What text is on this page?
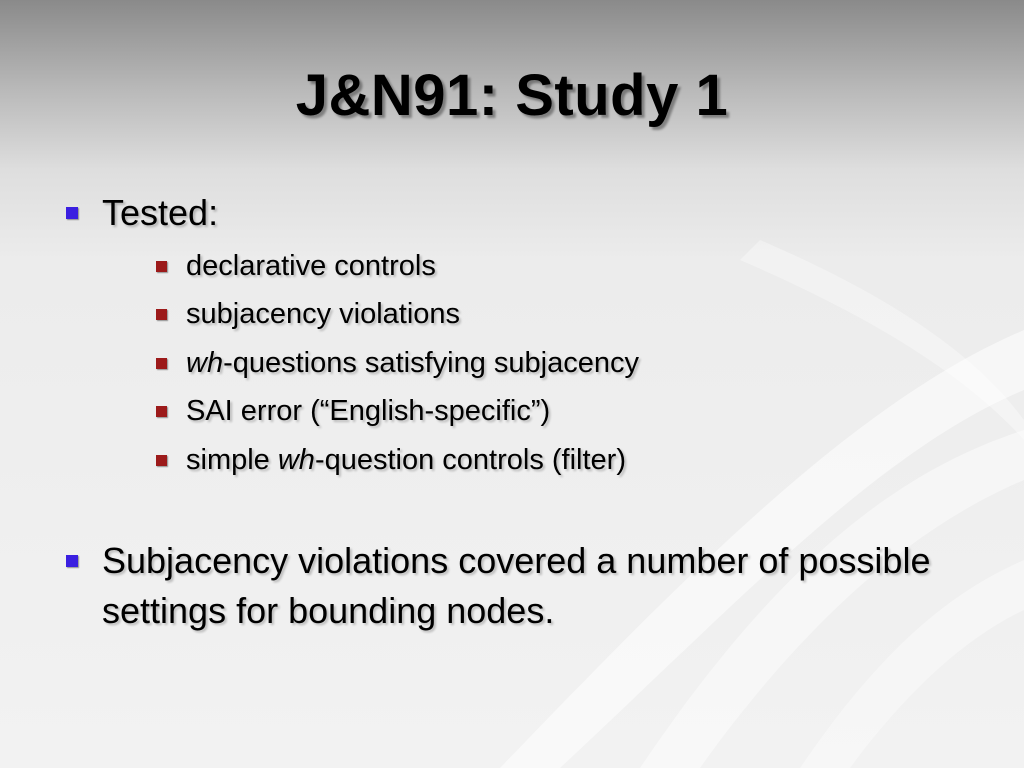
J&N91: Study 1
Tested:
declarative controls
subjacency violations
wh-questions satisfying subjacency
SAI error (“English-specific”)
simple wh-question controls (filter)
Subjacency violations covered a number of possible settings for bounding nodes.
